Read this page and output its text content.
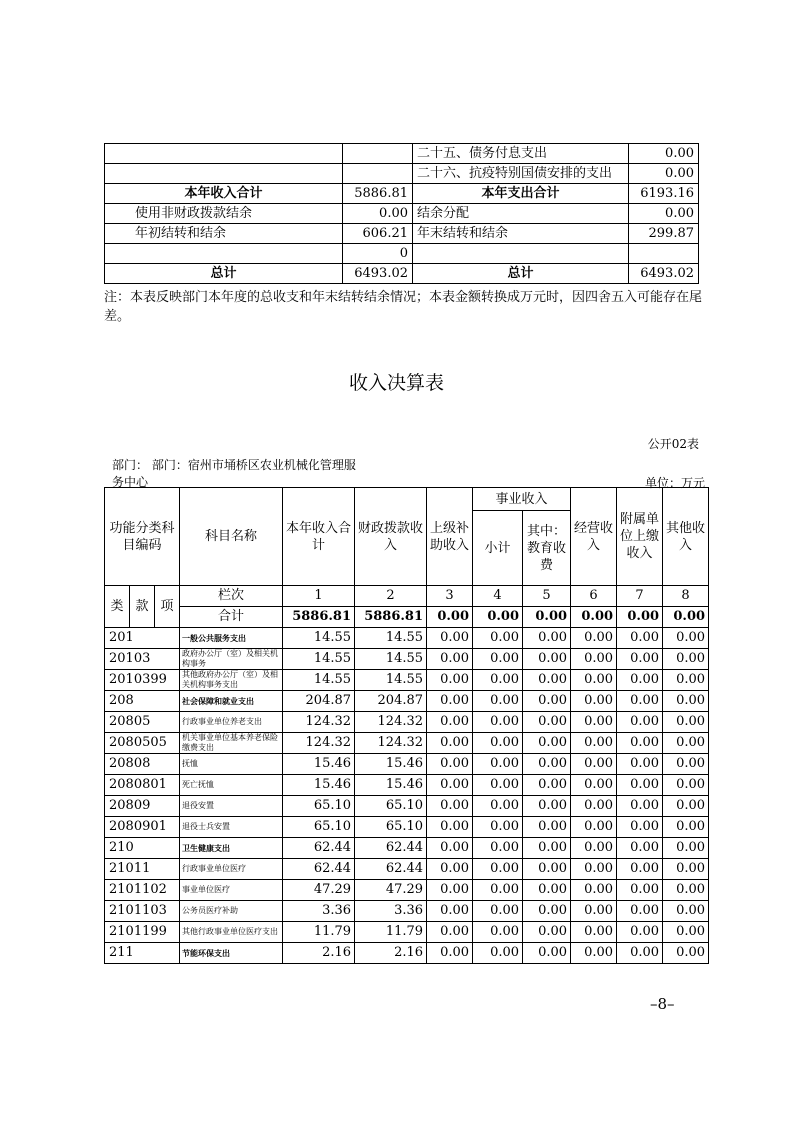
		二十五、债务付息支出	0.00
		二十六、抗疫特别国债安排的支出	0.00
本年收入合计	5886.81	本年支出合计	6193.16
使用非财政拨款结余	0.00	结余分配	0.00
年初结转和结余	606.21	年末结转和结余	299.87
	0		
总计	6493.02	总计	6493.02
注：本表反映部门本年度的总收支和年末结转结余情况；本表金额转换成万元时，因四舍五入可能存在尾差。
收入决算表
公开02表
部门： 部门：宿州市埇桥区农业机械化管理服务中心	单位：万元
功能分类科目编码			科目名称	本年收入合计	财政拨款收入	上级补助收入	事业收入		经营收入	附属单位上缴收入	其他收入
							小计	其中：教育收费			
类	款	项	栏次	1	2	3	4	5	6	7	8
			合计	5886.81	5886.81	0.00	0.00	0.00	0.00	0.00	0.00
201			一般公共服务支出	14.55	14.55	0.00	0.00	0.00	0.00	0.00	0.00
20103			政府办公厅（室）及相关机构事务	14.55	14.55	0.00	0.00	0.00	0.00	0.00	0.00
2010399			其他政府办公厅（室）及相关机构事务支出	14.55	14.55	0.00	0.00	0.00	0.00	0.00	0.00
208			社会保障和就业支出	204.87	204.87	0.00	0.00	0.00	0.00	0.00	0.00
20805			行政事业单位养老支出	124.32	124.32	0.00	0.00	0.00	0.00	0.00	0.00
2080505			机关事业单位基本养老保险缴费支出	124.32	124.32	0.00	0.00	0.00	0.00	0.00	0.00
20808			抚恤	15.46	15.46	0.00	0.00	0.00	0.00	0.00	0.00
2080801			死亡抚恤	15.46	15.46	0.00	0.00	0.00	0.00	0.00	0.00
20809			退役安置	65.10	65.10	0.00	0.00	0.00	0.00	0.00	0.00
2080901			退役士兵安置	65.10	65.10	0.00	0.00	0.00	0.00	0.00	0.00
210			卫生健康支出	62.44	62.44	0.00	0.00	0.00	0.00	0.00	0.00
21011			行政事业单位医疗	62.44	62.44	0.00	0.00	0.00	0.00	0.00	0.00
2101102			事业单位医疗	47.29	47.29	0.00	0.00	0.00	0.00	0.00	0.00
2101103			公务员医疗补助	3.36	3.36	0.00	0.00	0.00	0.00	0.00	0.00
2101199			其他行政事业单位医疗支出	11.79	11.79	0.00	0.00	0.00	0.00	0.00	0.00
211			节能环保支出	2.16	2.16	0.00	0.00	0.00	0.00	0.00	0.00
–8–
